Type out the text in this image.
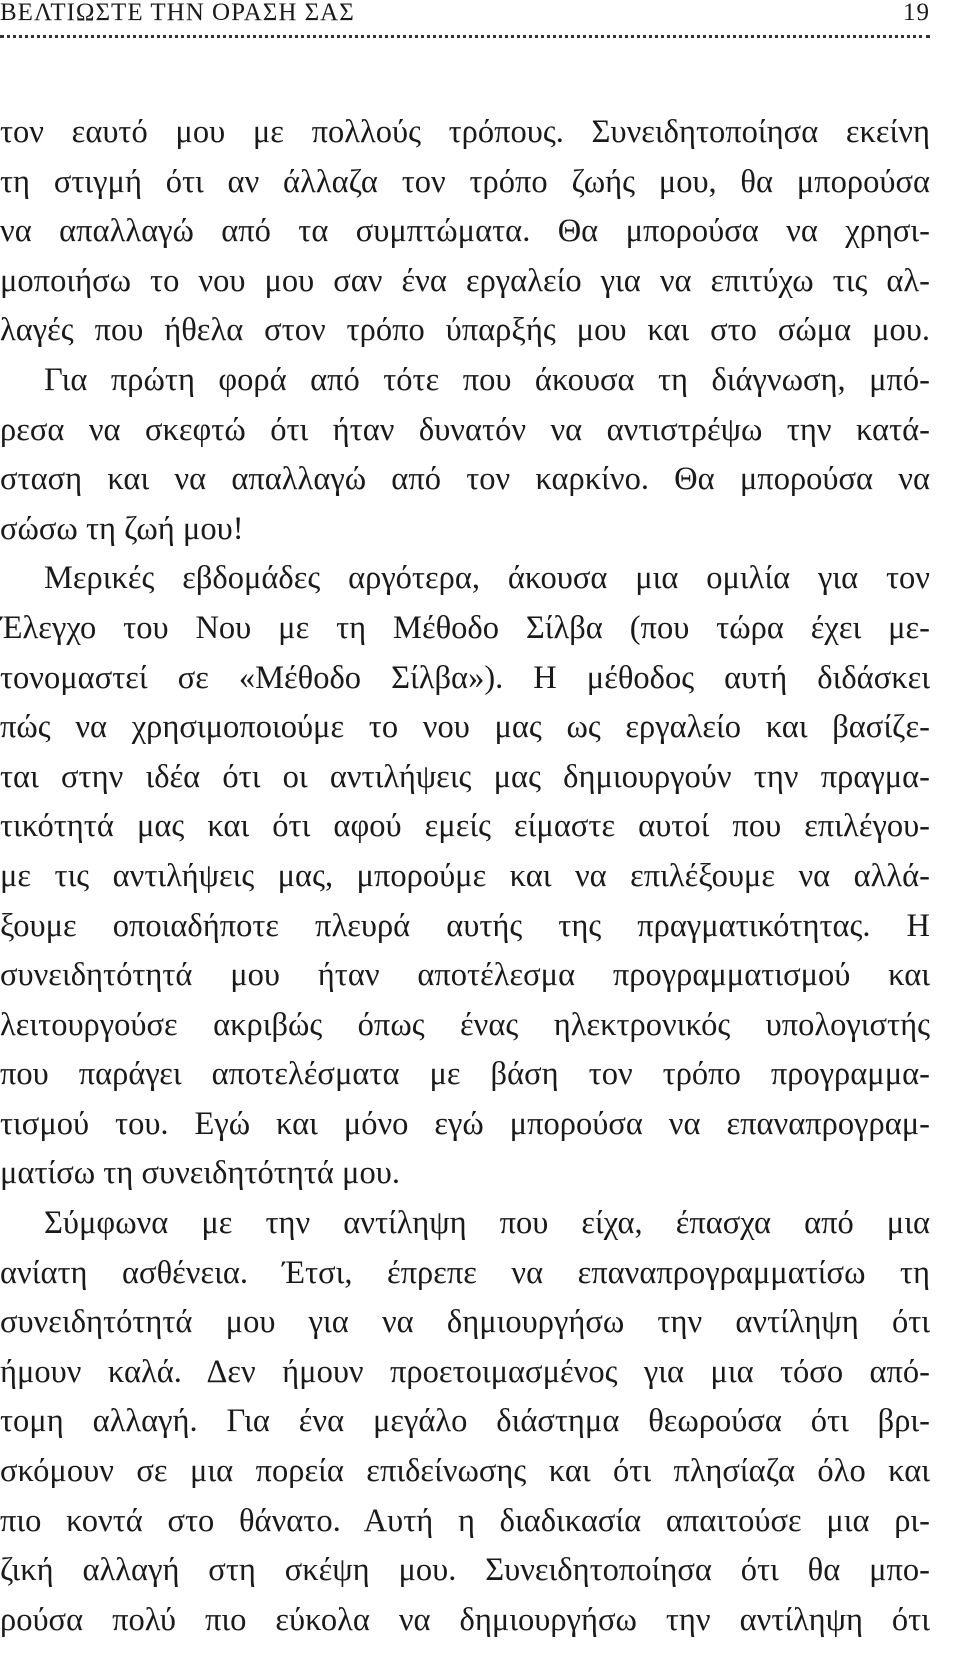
ΒΕΛΤΙΩΣΤΕ ΤΗΝ ΟΡΑΣΗ ΣΑΣ	19
τον εαυτό μου με πολλούς τρόπους. Συνειδητοποίησα εκείνη
τη στιγμή ότι αν άλλαζα τον τρόπο ζωής μου, θα μπορούσα
να απαλλαγώ από τα συμπτώματα. Θα μπορούσα να χρησι-
μοποιήσω το νου μου σαν ένα εργαλείο για να επιτύχω τις αλ-
λαγές που ήθελα στον τρόπο ύπαρξής μου και στο σώμα μου.
Για πρώτη φορά από τότε που άκουσα τη διάγνωση, μπό-
ρεσα να σκεφτώ ότι ήταν δυνατόν να αντιστρέψω την κατά-
σταση και να απαλλαγώ από τον καρκίνο. Θα μπορούσα να
σώσω τη ζωή μου!
Μερικές εβδομάδες αργότερα, άκουσα μια ομιλία για τον
Έλεγχο του Νου με τη Μέθοδο Σίλβα (που τώρα έχει με-
τονομαστεί σε «Μέθοδο Σίλβα»). Η μέθοδος αυτή διδάσκει
πώς να χρησιμοποιούμε το νου μας ως εργαλείο και βασίζε-
ται στην ιδέα ότι οι αντιλήψεις μας δημιουργούν την πραγμα-
τικότητά μας και ότι αφού εμείς είμαστε αυτοί που επιλέγου-
με τις αντιλήψεις μας, μπορούμε και να επιλέξουμε να αλλά-
ξουμε οποιαδήποτε πλευρά αυτής της πραγματικότητας. Η
συνειδητότητά μου ήταν αποτέλεσμα προγραμματισμού και
λειτουργούσε ακριβώς όπως ένας ηλεκτρονικός υπολογιστής
που παράγει αποτελέσματα με βάση τον τρόπο προγραμμα-
τισμού του. Εγώ και μόνο εγώ μπορούσα να επαναπρογραμ-
ματίσω τη συνειδητότητά μου.
Σύμφωνα με την αντίληψη που είχα, έπασχα από μια
ανίατη ασθένεια. Έτσι, έπρεπε να επαναπρογραμματίσω τη
συνειδητότητά μου για να δημιουργήσω την αντίληψη ότι
ήμουν καλά. Δεν ήμουν προετοιμασμένος για μια τόσο από-
τομη αλλαγή. Για ένα μεγάλο διάστημα θεωρούσα ότι βρι-
σκόμουν σε μια πορεία επιδείνωσης και ότι πλησίαζα όλο και
πιο κοντά στο θάνατο. Αυτή η διαδικασία απαιτούσε μια ρι-
ζική αλλαγή στη σκέψη μου. Συνειδητοποίησα ότι θα μπο-
ρούσα πολύ πιο εύκολα να δημιουργήσω την αντίληψη ότι
